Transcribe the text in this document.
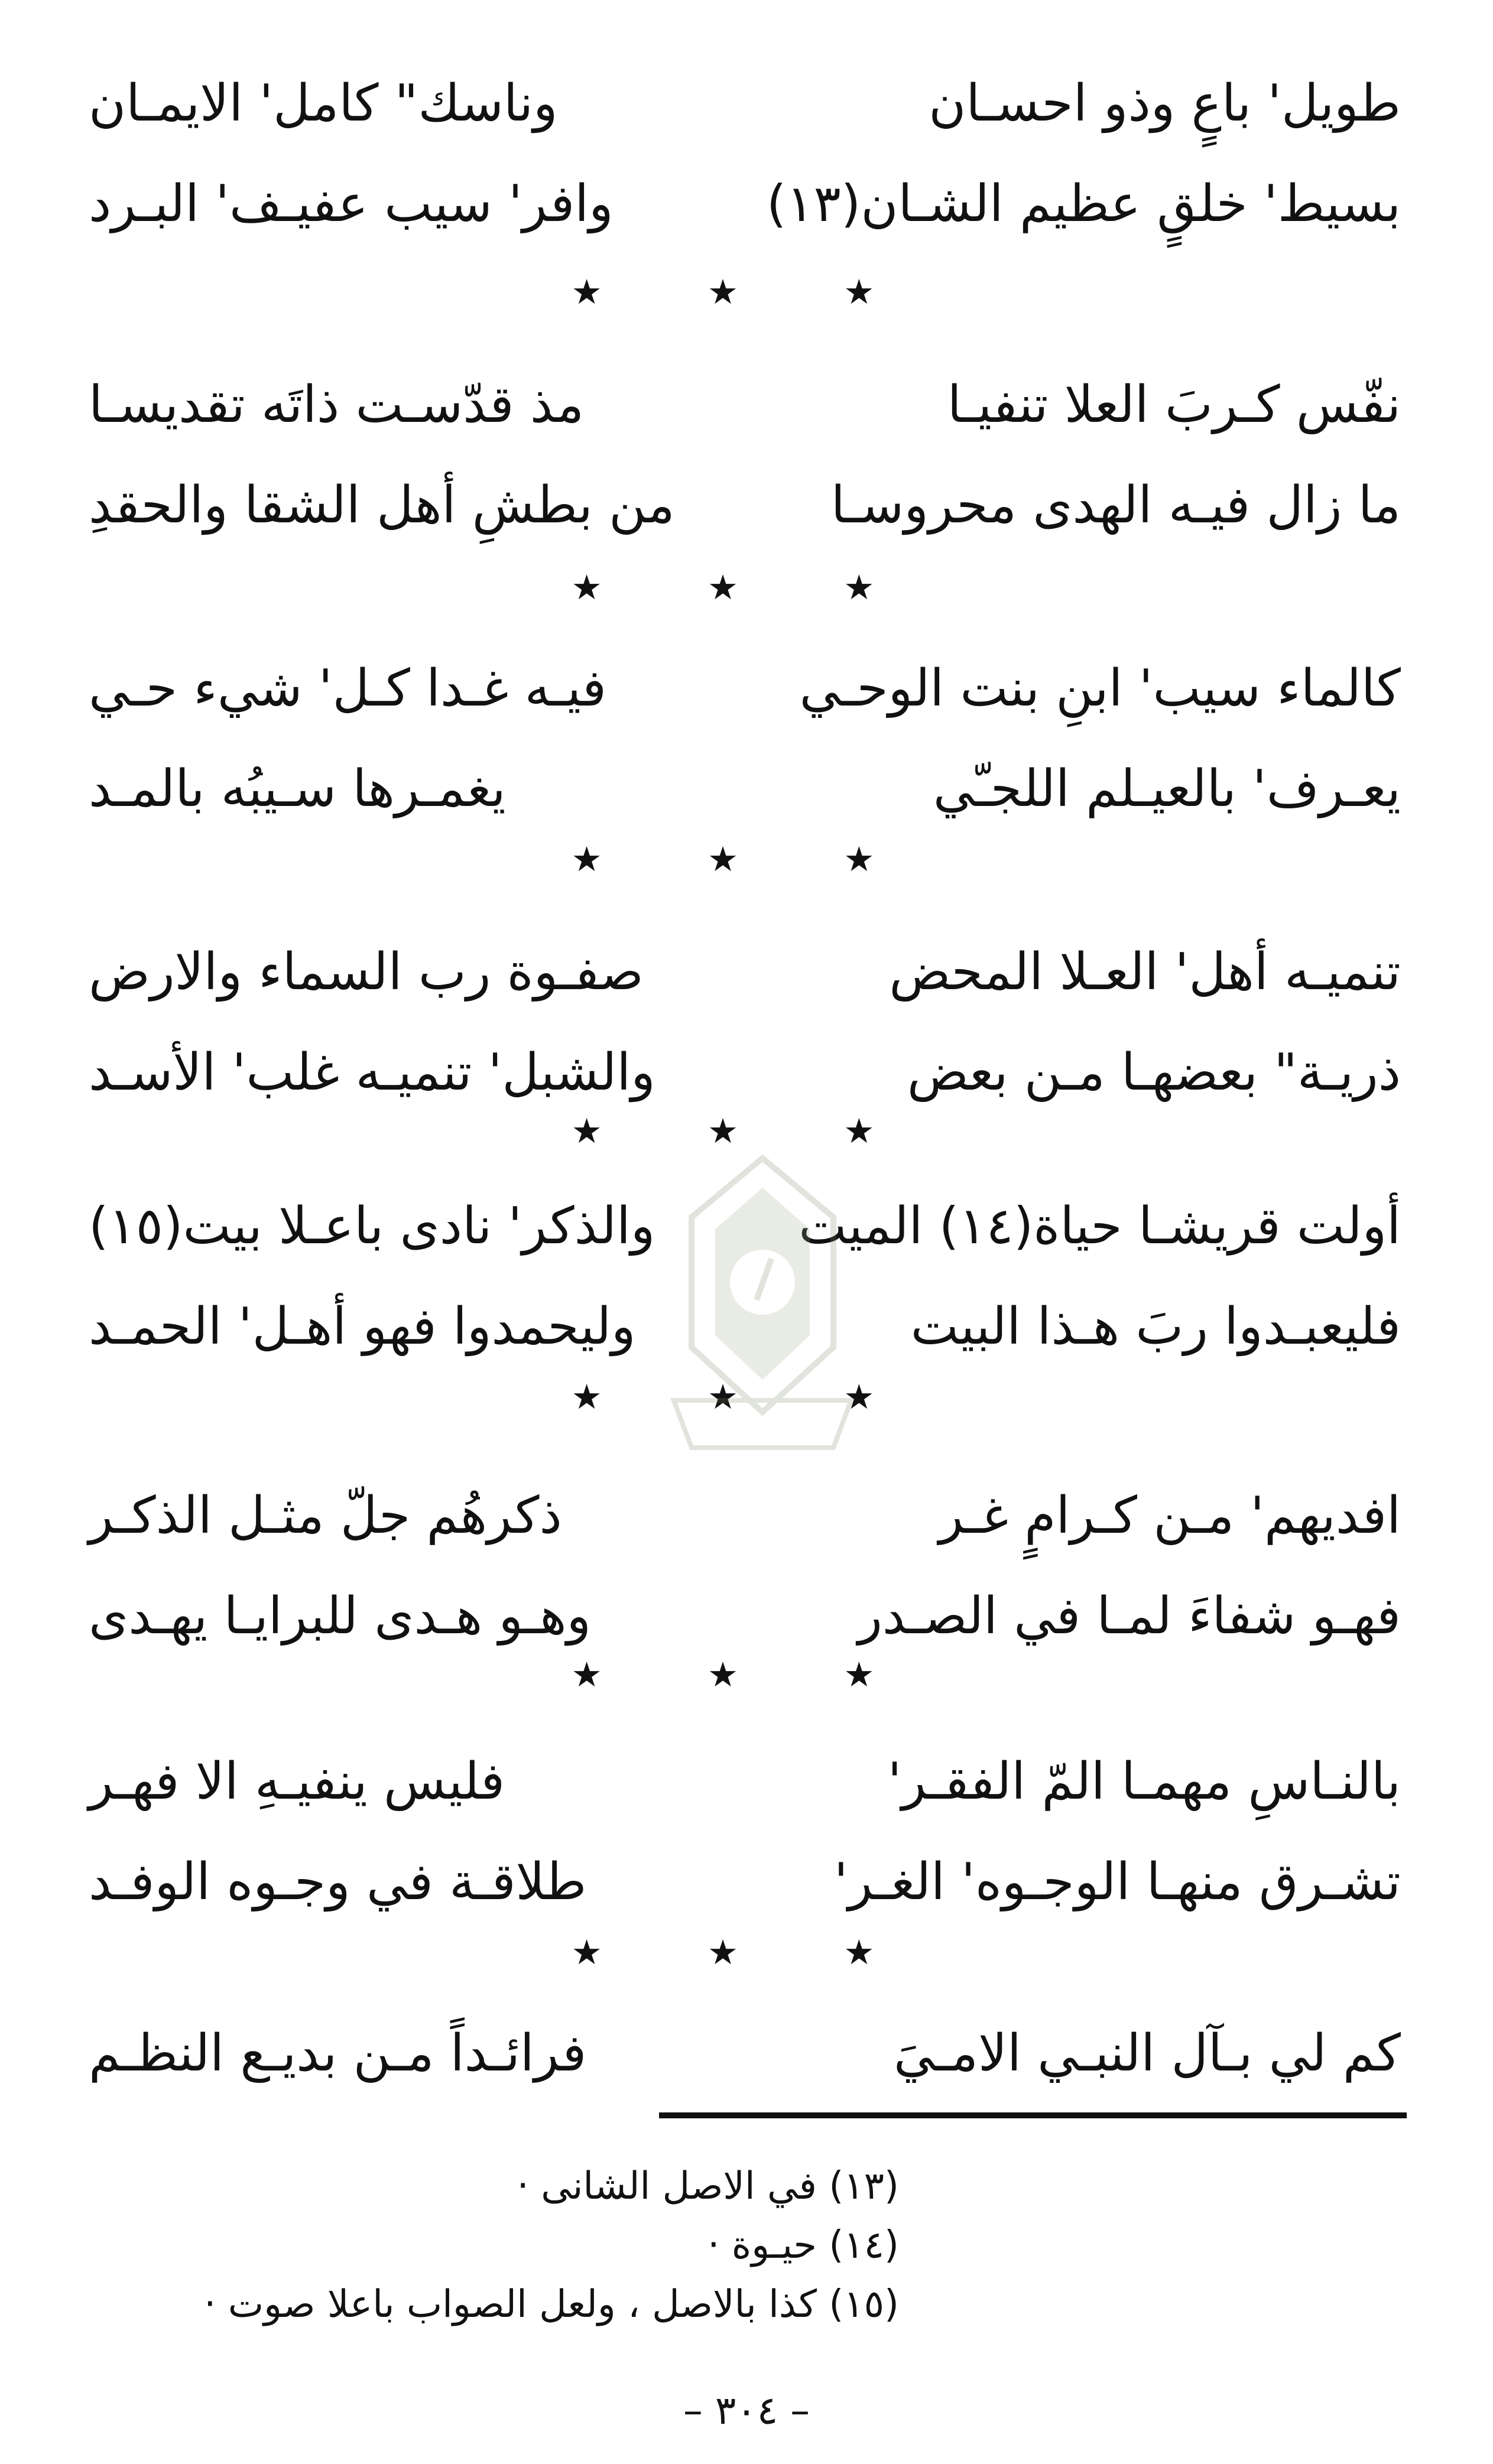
طويل' باعٍ وذو احسـان
وناسك" كامل' الايمـان
بسيط' خلقٍ عظيم الشـان(١٣)
وافر' سيب عفيـف' البـرد
★ ★ ★
نفّس كـربَ العلا تنفيـا
مذ قدّسـت ذاتَه تقديسـا
ما زال فيـه الهدى محروسـا
من بطشِ أهل الشقا والحقدِ
★ ★ ★
كالماء سيب' ابنِ بنت الوحـي
فيـه غـدا كـل' شيء حـي
يعـرف' بالعيـلم اللجـّي
يغمـرها سـيبُه بالمـد
★ ★ ★
تنميـه أهل' العـلا المحض
صفـوة رب السماء والارض
ذريـة" بعضهـا مـن بعض
والشبل' تنميـه غلب' الأسـد
★ ★ ★
أولت قريشـا حياة(١٤) الميت
والذكر' نادى باعـلا بيت(١٥)
فليعبـدوا ربَ هـذا البيت
وليحمدوا فهو أهـل' الحمـد
★ ★ ★
افديهم' مـن كـرامٍ غـر
ذكرهُم جلّ مثـل الذكـر
فهـو شفاءَ لمـا في الصـدر
وهـو هـدى للبرايـا يهـدى
★ ★ ★
بالنـاسِ مهمـا المّ الفقـر'
فليس ينفيـهِ الا فهـر
تشـرق منهـا الوجـوه' الغـر'
طلاقـة في وجـوه الوفـد
★ ★ ★
كم لي بـآل النبـي الامـيَ
فرائـداً مـن بديـع النظـم
(١٣) في الاصل الشانى ·
(١٤) حيـوة ·
(١٥) كذا بالاصل ، ولعل الصواب باعلا صوت ·
– ٣٠٤ –
